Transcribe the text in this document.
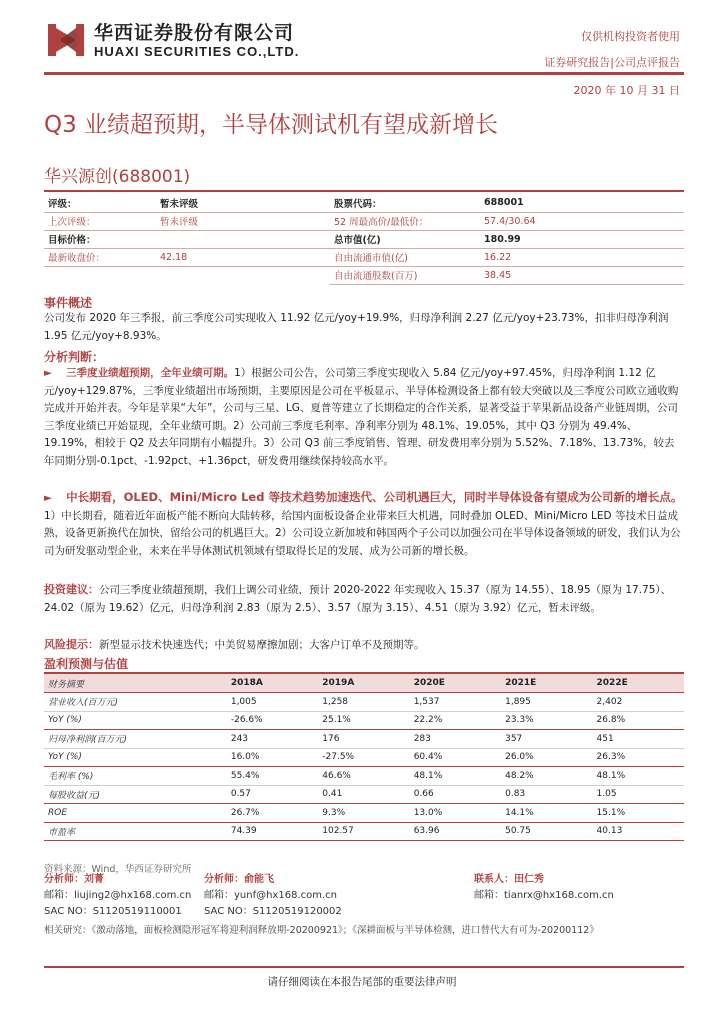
华西证券股份有限公司
HUAXI SECURITIES CO.,LTD.
仅供机构投资者使用
证券研究报告|公司点评报告
2020 年 10 月 31 日
Q3 业绩超预期，半导体测试机有望成新增长
华兴源创(688001)
评级：	暂未评级	股票代码：	688001
上次评级：	暂未评级	52 周最高价/最低价：	57.4/30.64
目标价格：		总市值(亿)	180.99
最新收盘价：	42.18	自由流通市值(亿)	16.22
		自由流通股数(百万)	38.45
事件概述
公司发布 2020 年三季报，前三季度公司实现收入 11.92 亿元/yoy+19.9%，归母净利润 2.27 亿元/yoy+23.73%，扣非归母净利润 1.95 亿元/yoy+8.93%。
分析判断：
► 三季度业绩超预期，全年业绩可期。1）根据公司公告，公司第三季度实现收入 5.84 亿元/yoy+97.45%，归母净利润 1.12 亿元/yoy+129.87%，三季度业绩超出市场预期，主要原因是公司在平板显示、半导体检测设备上都有较大突破以及三季度公司欧立通收购完成并开始并表。今年是苹果“大年”，公司与三星、LG、夏普等建立了长期稳定的合作关系，显著受益于苹果新品设备产业链周期，公司三季度业绩已开始显现，全年业绩可期。2）公司前三季度毛利率、净利率分别为 48.1%、19.05%，其中 Q3 分别为 49.4%、19.19%，相较于 Q2 及去年同期有小幅提升。3）公司 Q3 前三季度销售、管理、研发费用率分别为 5.52%、7.18%、13.73%，较去年同期分别-0.1pct、-1.92pct、+1.36pct，研发费用继续保持较高水平。
► 中长期看，OLED、Mini/Micro Led 等技术趋势加速迭代、公司机遇巨大，同时半导体设备有望成为公司新的增长点。1）中长期看，随着近年面板产能不断向大陆转移，给国内面板设备企业带来巨大机遇，同时叠加 OLED、Mini/Micro LED 等技术日益成熟，设备更新换代在加快，留给公司的机遇巨大。2）公司设立新加坡和韩国两个子公司以加强公司在半导体设备领域的研发，我们认为公司为研发驱动型企业，未来在半导体测试机领域有望取得长足的发展、成为公司新的增长极。
投资建议：公司三季度业绩超预期，我们上调公司业绩，预计 2020-2022 年实现收入 15.37（原为 14.55）、18.95（原为 17.75）、24.02（原为 19.62）亿元，归母净利润 2.83（原为 2.5）、3.57（原为 3.15）、4.51（原为 3.92）亿元，暂未评级。
风险提示：新型显示技术快速迭代；中美贸易摩擦加剧；大客户订单不及预期等。
盈利预测与估值
财务摘要	2018A	2019A	2020E	2021E	2022E
营业收入(百万元)	1,005	1,258	1,537	1,895	2,402
YoY (%)	-26.6%	25.1%	22.2%	23.3%	26.8%
归母净利润(百万元)	243	176	283	357	451
YoY (%)	16.0%	-27.5%	60.4%	26.0%	26.3%
毛利率 (%)	55.4%	46.6%	48.1%	48.2%	48.1%
每股收益(元)	0.57	0.41	0.66	0.83	1.05
ROE	26.7%	9.3%	13.0%	14.1%	15.1%
市盈率	74.39	102.57	63.96	50.75	40.13
资料来源：Wind，华西证券研究所
分析师：刘菁
邮箱：liujing2@hx168.com.cn
SAC NO：S1120519110001
分析师：俞能飞
邮箱：yunf@hx168.com.cn
SAC NO：S1120519120002
联系人：田仁秀
邮箱：tianrx@hx168.com.cn
相关研究：《激动落地，面板检测隐形冠军将迎利润释放期-20200921》；《深耕面板与半导体检测，进口替代大有可为-20200112》
请仔细阅读在本报告尾部的重要法律声明
